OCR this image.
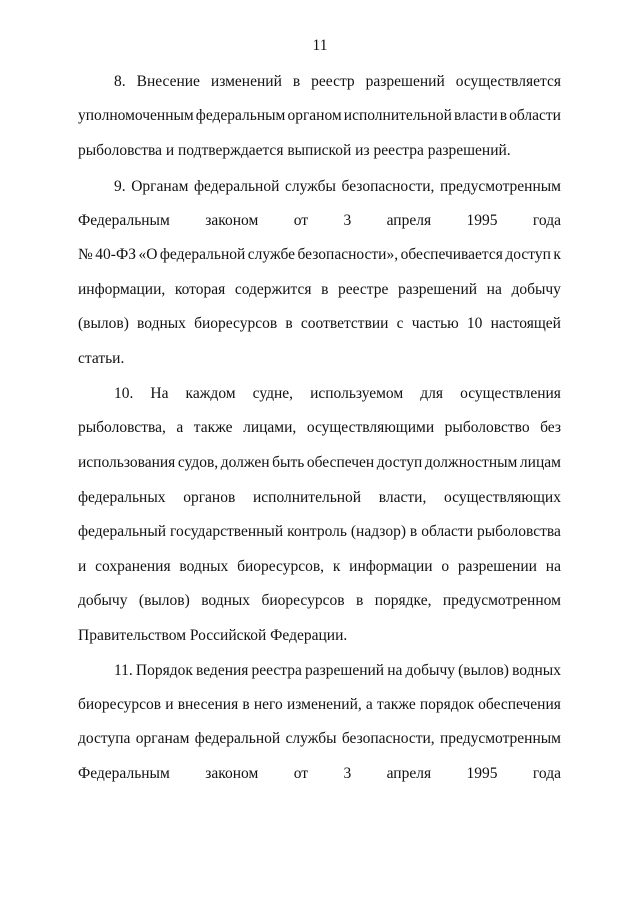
11
8. Внесение изменений в реестр разрешений осуществляется
уполномоченным федеральным органом исполнительной власти в области
рыболовства и подтверждается выпиской из реестра разрешений.
9. Органам федеральной службы безопасности, предусмотренным
Федеральным законом от 3 апреля 1995 года
№ 40-ФЗ «О федеральной службе безопасности», обеспечивается доступ к
информации, которая содержится в реестре разрешений на добычу
(вылов) водных биоресурсов в соответствии с частью 10 настоящей
статьи.
10. На каждом судне, используемом для осуществления
рыболовства, а также лицами, осуществляющими рыболовство без
использования судов, должен быть обеспечен доступ должностным лицам
федеральных органов исполнительной власти, осуществляющих
федеральный государственный контроль (надзор) в области рыболовства
и сохранения водных биоресурсов, к информации о разрешении на
добычу (вылов) водных биоресурсов в порядке, предусмотренном
Правительством Российской Федерации.
11. Порядок ведения реестра разрешений на добычу (вылов) водных
биоресурсов и внесения в него изменений, а также порядок обеспечения
доступа органам федеральной службы безопасности, предусмотренным
Федеральным законом от 3 апреля 1995 года
